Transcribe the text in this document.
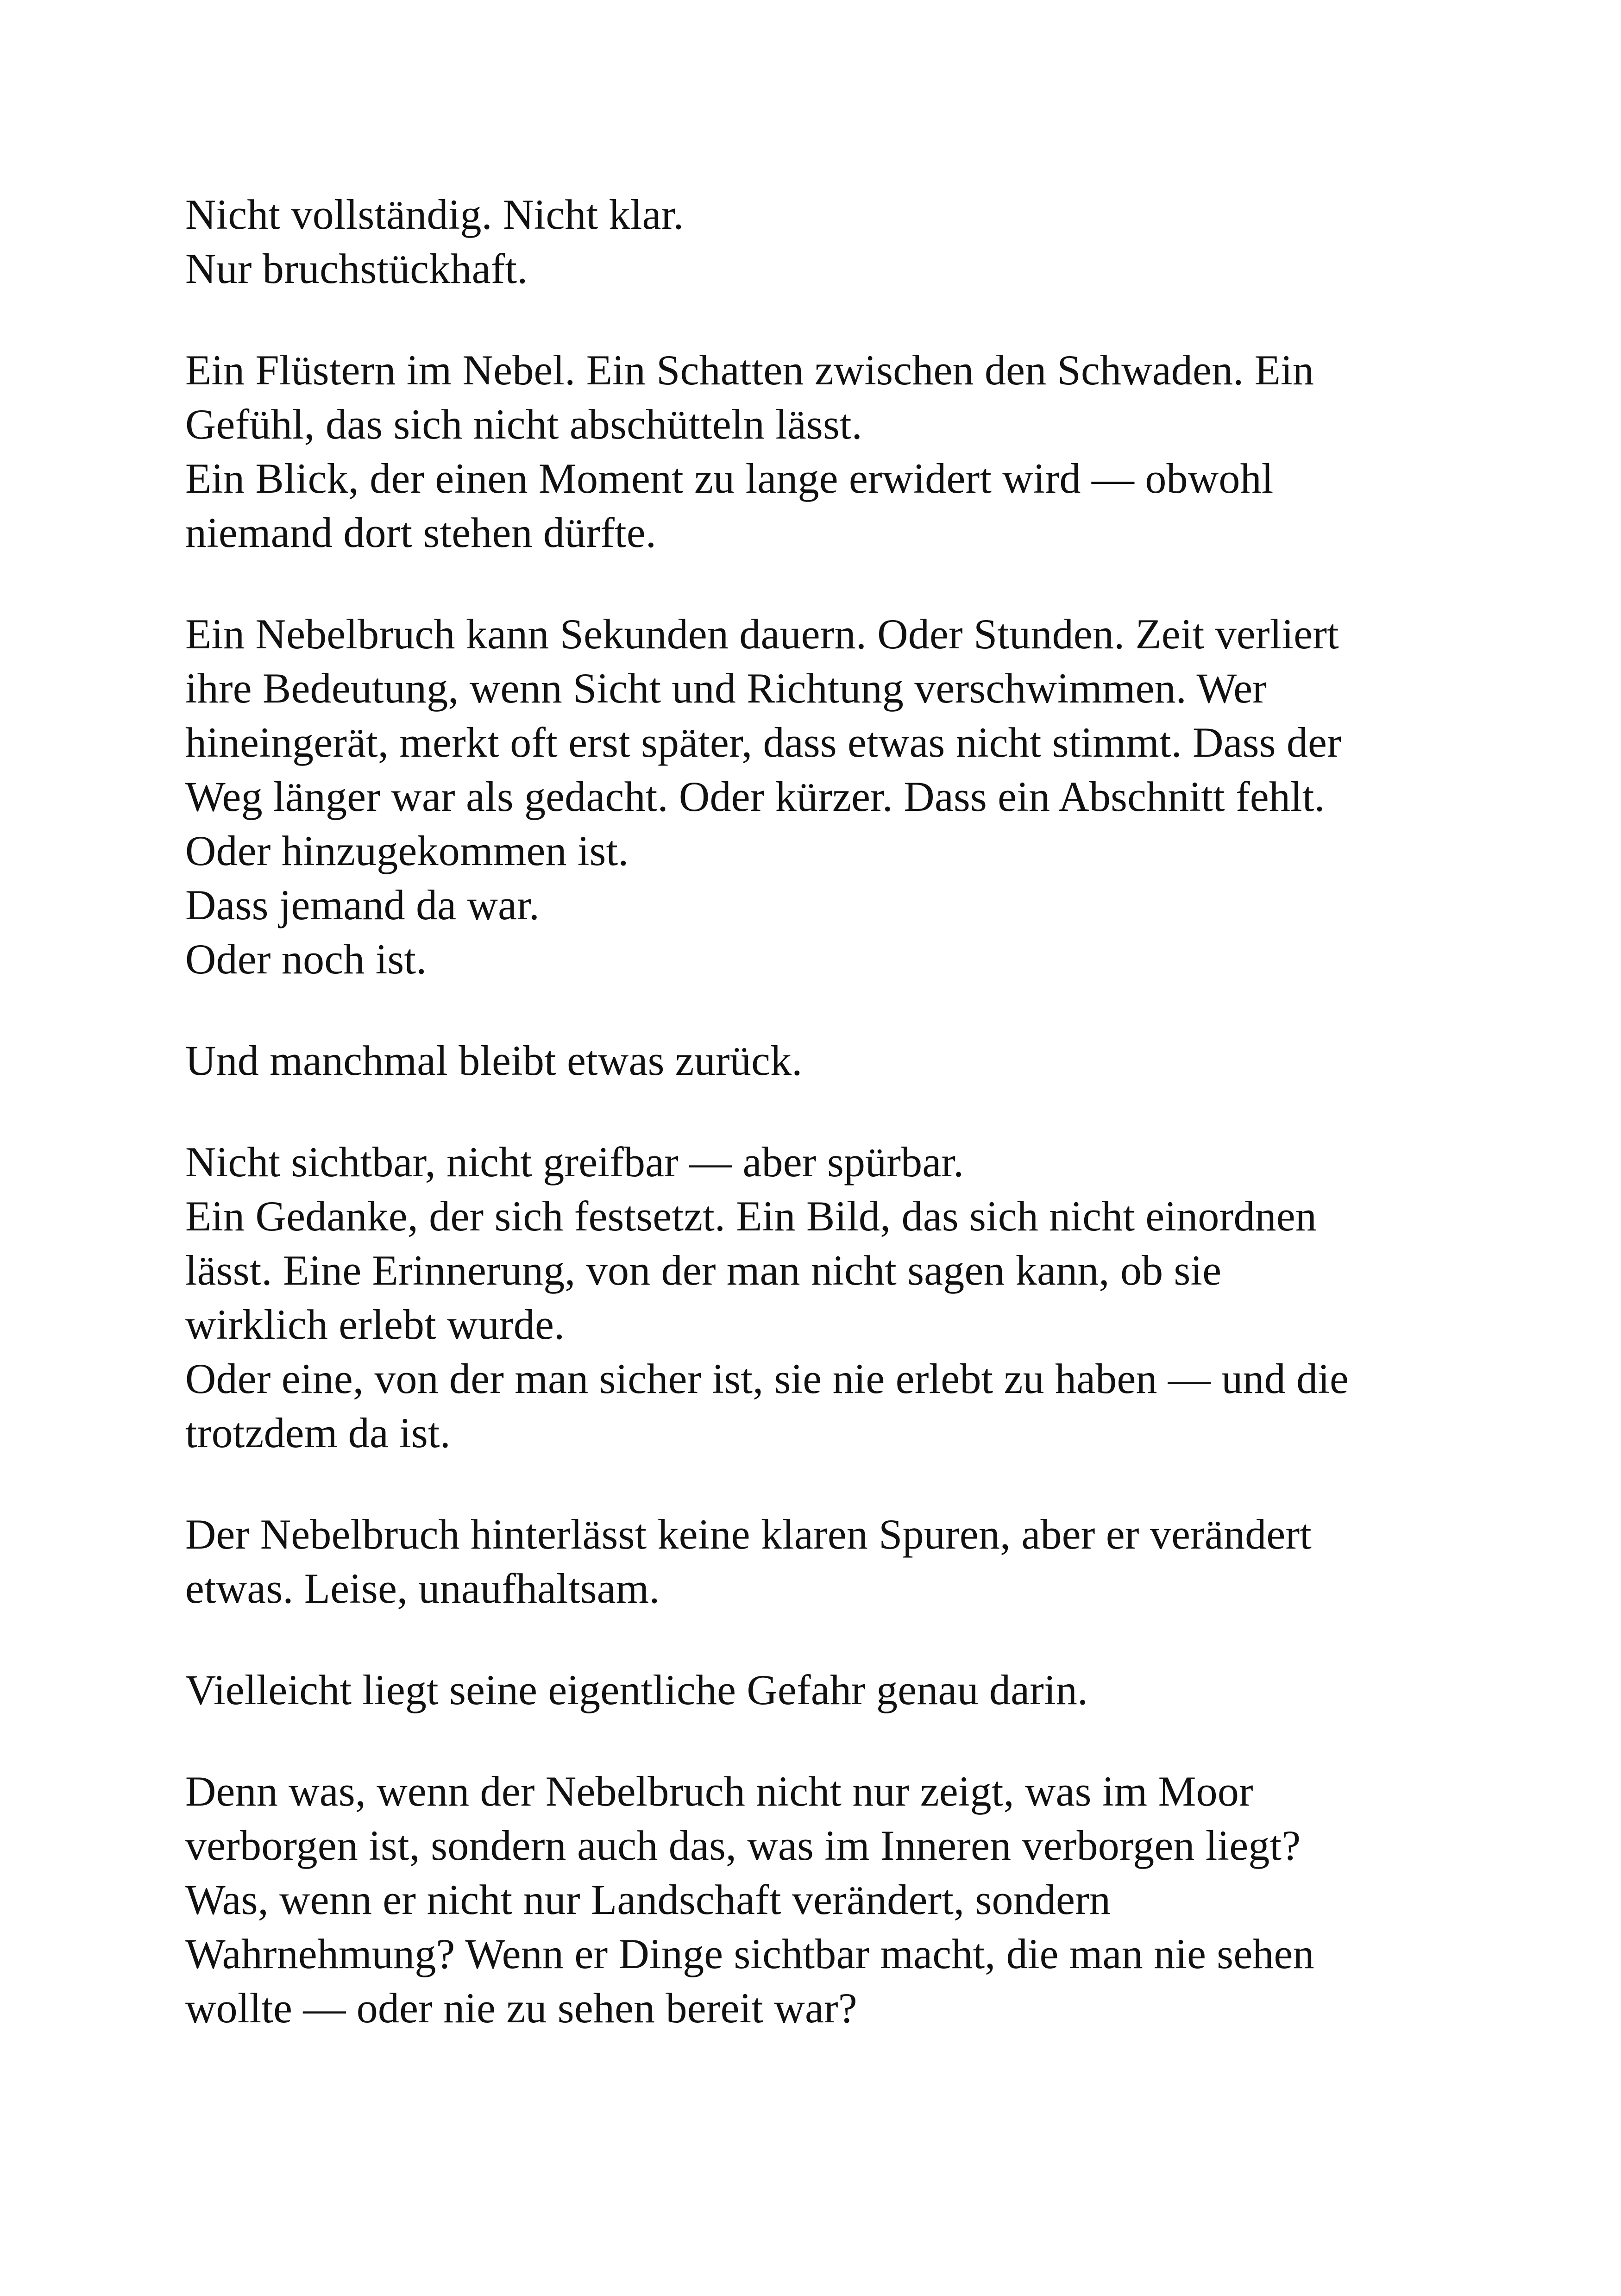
Nicht vollständig. Nicht klar.
Nur bruchstückhaft.

Ein Flüstern im Nebel. Ein Schatten zwischen den Schwaden. Ein
Gefühl, das sich nicht abschütteln lässt.
Ein Blick, der einen Moment zu lange erwidert wird — obwohl
niemand dort stehen dürfte.

Ein Nebelbruch kann Sekunden dauern. Oder Stunden. Zeit verliert
ihre Bedeutung, wenn Sicht und Richtung verschwimmen. Wer
hineingerät, merkt oft erst später, dass etwas nicht stimmt. Dass der
Weg länger war als gedacht. Oder kürzer. Dass ein Abschnitt fehlt.
Oder hinzugekommen ist.
Dass jemand da war.
Oder noch ist.

Und manchmal bleibt etwas zurück.

Nicht sichtbar, nicht greifbar — aber spürbar.
Ein Gedanke, der sich festsetzt. Ein Bild, das sich nicht einordnen
lässt. Eine Erinnerung, von der man nicht sagen kann, ob sie
wirklich erlebt wurde.
Oder eine, von der man sicher ist, sie nie erlebt zu haben — und die
trotzdem da ist.

Der Nebelbruch hinterlässt keine klaren Spuren, aber er verändert
etwas. Leise, unaufhaltsam.

Vielleicht liegt seine eigentliche Gefahr genau darin.

Denn was, wenn der Nebelbruch nicht nur zeigt, was im Moor
verborgen ist, sondern auch das, was im Inneren verborgen liegt?
Was, wenn er nicht nur Landschaft verändert, sondern
Wahrnehmung? Wenn er Dinge sichtbar macht, die man nie sehen
wollte — oder nie zu sehen bereit war?
